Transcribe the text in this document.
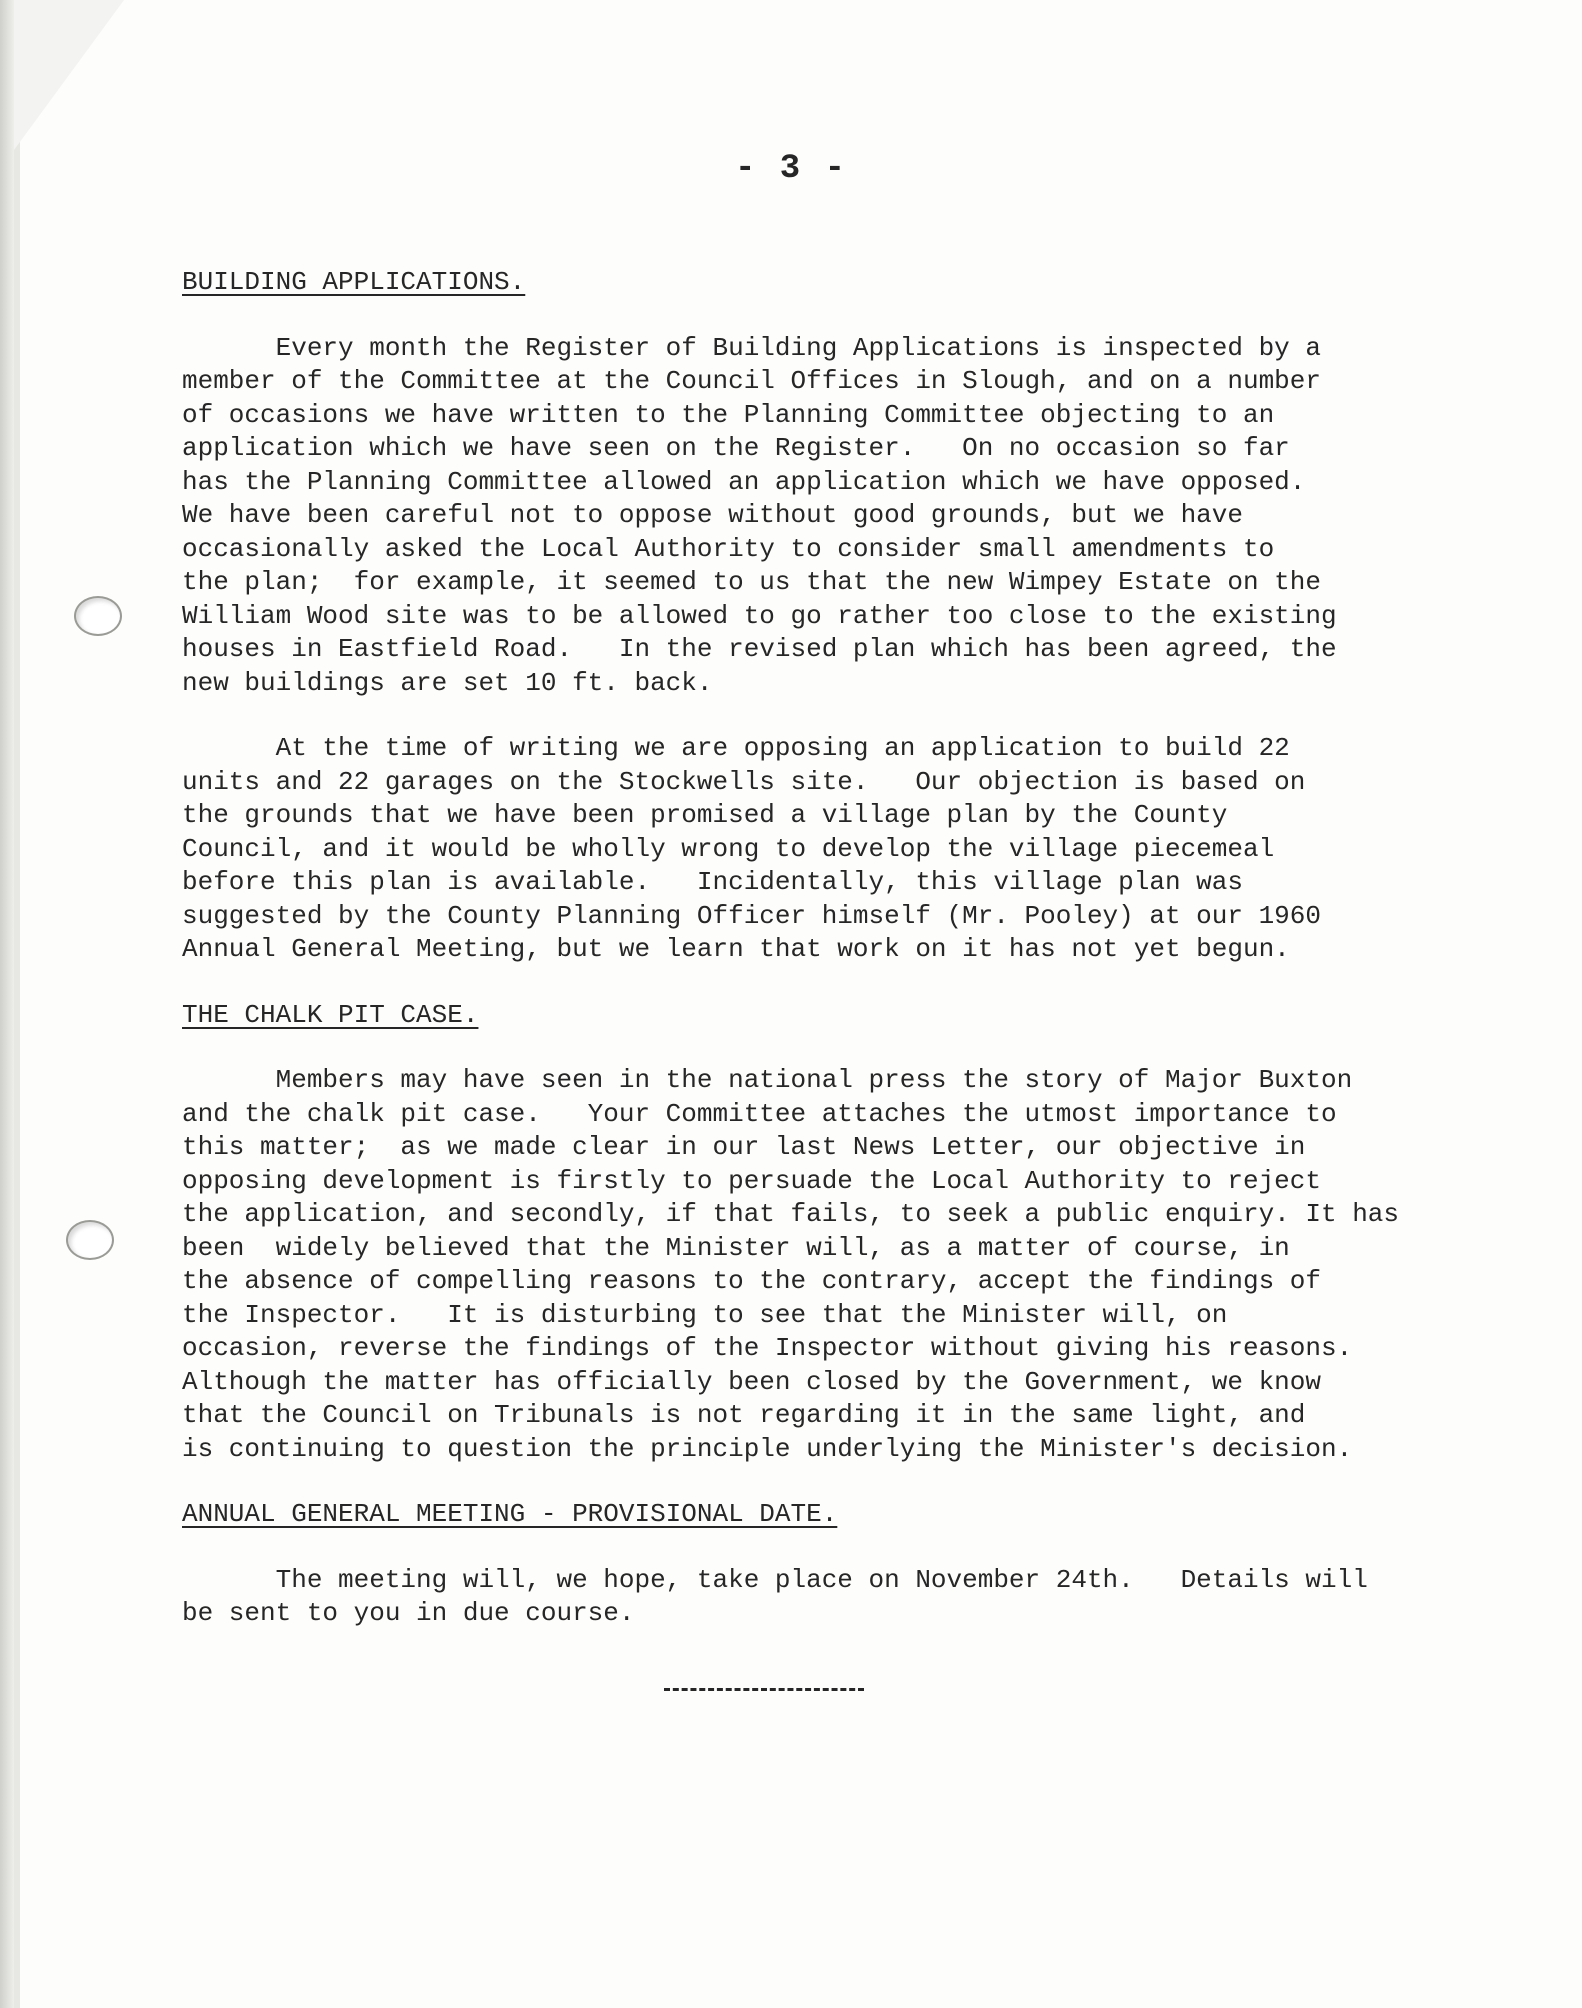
- 3 -
BUILDING APPLICATIONS.
Every month the Register of Building Applications is inspected by a
member of the Committee at the Council Offices in Slough, and on a number
of occasions we have written to the Planning Committee objecting to an
application which we have seen on the Register.   On no occasion so far
has the Planning Committee allowed an application which we have opposed.
We have been careful not to oppose without good grounds, but we have
occasionally asked the Local Authority to consider small amendments to
the plan;  for example, it seemed to us that the new Wimpey Estate on the
William Wood site was to be allowed to go rather too close to the existing
houses in Eastfield Road.   In the revised plan which has been agreed, the
new buildings are set 10 ft. back.
At the time of writing we are opposing an application to build 22
units and 22 garages on the Stockwells site.   Our objection is based on
the grounds that we have been promised a village plan by the County
Council, and it would be wholly wrong to develop the village piecemeal
before this plan is available.   Incidentally, this village plan was
suggested by the County Planning Officer himself (Mr. Pooley) at our 1960
Annual General Meeting, but we learn that work on it has not yet begun.
THE CHALK PIT CASE.
Members may have seen in the national press the story of Major Buxton
and the chalk pit case.   Your Committee attaches the utmost importance to
this matter;  as we made clear in our last News Letter, our objective in
opposing development is firstly to persuade the Local Authority to reject
the application, and secondly, if that fails, to seek a public enquiry. It has
been  widely believed that the Minister will, as a matter of course, in
the absence of compelling reasons to the contrary, accept the findings of
the Inspector.   It is disturbing to see that the Minister will, on
occasion, reverse the findings of the Inspector without giving his reasons.
Although the matter has officially been closed by the Government, we know
that the Council on Tribunals is not regarding it in the same light, and
is continuing to question the principle underlying the Minister's decision.
ANNUAL GENERAL MEETING - PROVISIONAL DATE.
The meeting will, we hope, take place on November 24th.   Details will
be sent to you in due course.
